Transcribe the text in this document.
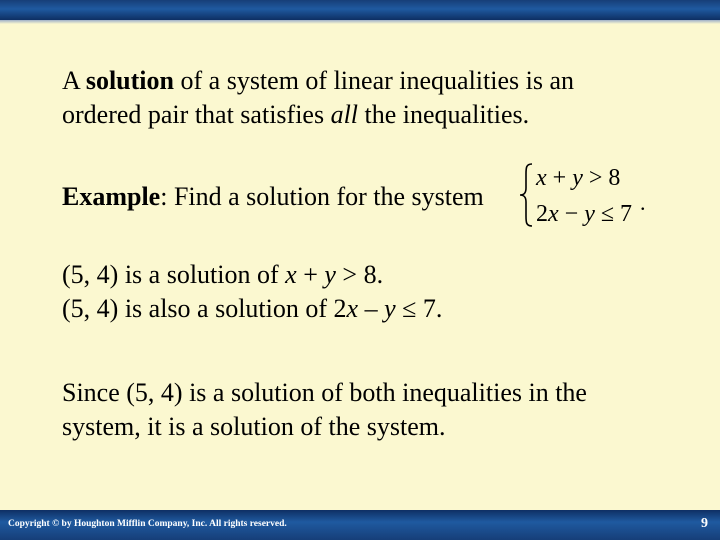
A solution of a system of linear inequalities is an
ordered pair that satisfies all the inequalities.
Example: Find a solution for the system
x + y > 8
2x − y ≤ 7 .
(5, 4) is a solution of x + y > 8.
(5, 4) is also a solution of 2x – y ≤ 7.
Since (5, 4) is a solution of both inequalities in the
system, it is a solution of the system.
Copyright © by Houghton Mifflin Company, Inc. All rights reserved.	9
